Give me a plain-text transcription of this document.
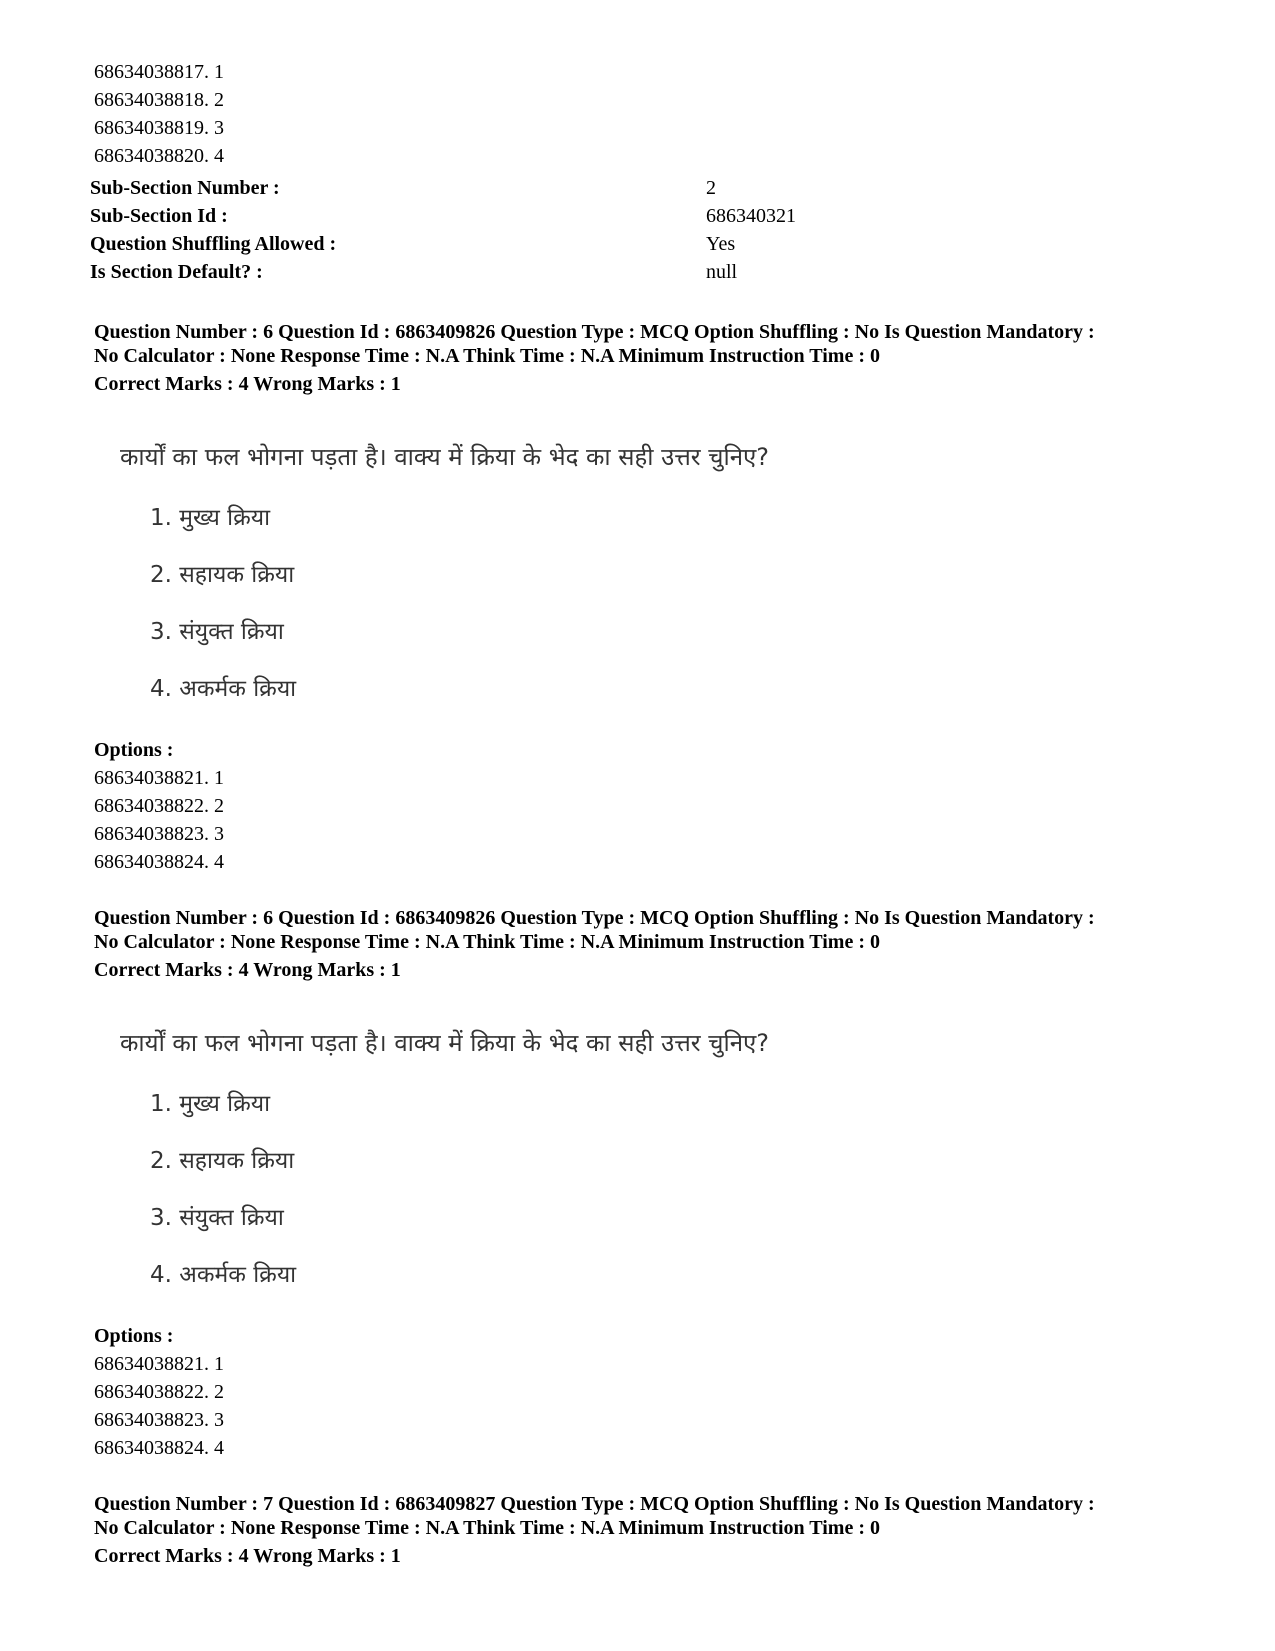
68634038817. 1
68634038818. 2
68634038819. 3
68634038820. 4
Sub-Section Number :	2
Sub-Section Id :	686340321
Question Shuffling Allowed :	Yes
Is Section Default? :	null
Question Number : 6 Question Id : 6863409826 Question Type : MCQ Option Shuffling : No Is Question Mandatory :
No Calculator : None Response Time : N.A Think Time : N.A Minimum Instruction Time : 0
Correct Marks : 4 Wrong Marks : 1
कार्यों का फल भोगना पड़ता है। वाक्य में क्रिया के भेद का सही उत्तर चुनिए?
1. मुख्य क्रिया
2. सहायक क्रिया
3. संयुक्त क्रिया
4. अकर्मक क्रिया
Options :
68634038821. 1
68634038822. 2
68634038823. 3
68634038824. 4
Question Number : 6 Question Id : 6863409826 Question Type : MCQ Option Shuffling : No Is Question Mandatory :
No Calculator : None Response Time : N.A Think Time : N.A Minimum Instruction Time : 0
Correct Marks : 4 Wrong Marks : 1
कार्यों का फल भोगना पड़ता है। वाक्य में क्रिया के भेद का सही उत्तर चुनिए?
1. मुख्य क्रिया
2. सहायक क्रिया
3. संयुक्त क्रिया
4. अकर्मक क्रिया
Options :
68634038821. 1
68634038822. 2
68634038823. 3
68634038824. 4
Question Number : 7 Question Id : 6863409827 Question Type : MCQ Option Shuffling : No Is Question Mandatory :
No Calculator : None Response Time : N.A Think Time : N.A Minimum Instruction Time : 0
Correct Marks : 4 Wrong Marks : 1
